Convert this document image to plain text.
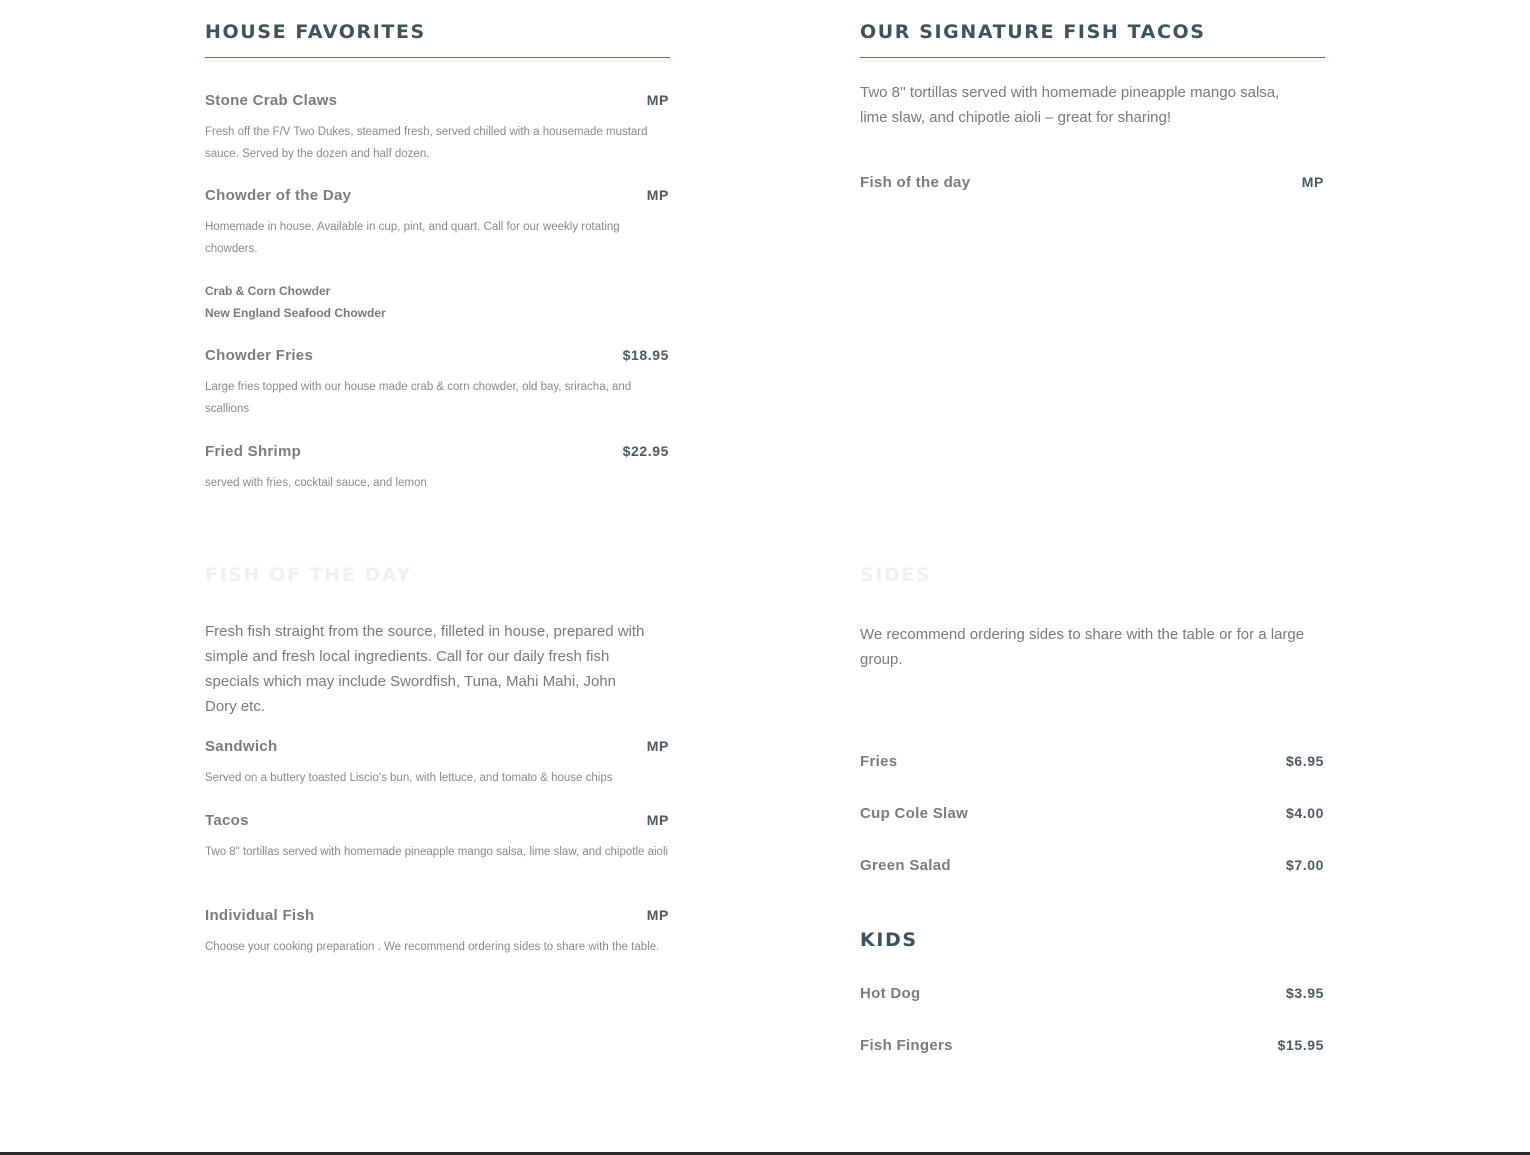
HOUSE FAVORITES
Stone Crab Claws	MP
Fresh off the F/V Two Dukes, steamed fresh, served chilled with a housemade mustard sauce. Served by the dozen and half dozen.
Chowder of the Day	MP
Homemade in house. Available in cup, pint, and quart. Call for our weekly rotating chowders.
Crab & Corn Chowder
New England Seafood Chowder
Chowder Fries	$18.95
Large fries topped with our house made crab & corn chowder, old bay, sriracha, and scallions
Fried Shrimp	$22.95
served with fries, cocktail sauce, and lemon
FISH OF THE DAY
Fresh fish straight from the source, filleted in house, prepared with simple and fresh local ingredients. Call for our daily fresh fish specials which may include Swordfish, Tuna, Mahi Mahi, John Dory etc.
Sandwich	MP
Served on a buttery toasted Liscio's bun, with lettuce, and tomato & house chips
Tacos	MP
Two 8" tortillas served with homemade pineapple mango salsa, lime slaw, and chipotle aioli
Individual Fish	MP
Choose your cooking preparation . We recommend ordering sides to share with the table.
OUR SIGNATURE FISH TACOS
Two 8'' tortillas served with homemade pineapple mango salsa, lime slaw, and chipotle aioli – great for sharing!
Fish of the day	MP
SIDES
We recommend ordering sides to share with the table or for a large group.
Fries	$6.95
Cup Cole Slaw	$4.00
Green Salad	$7.00
KIDS
Hot Dog	$3.95
Fish Fingers	$15.95
